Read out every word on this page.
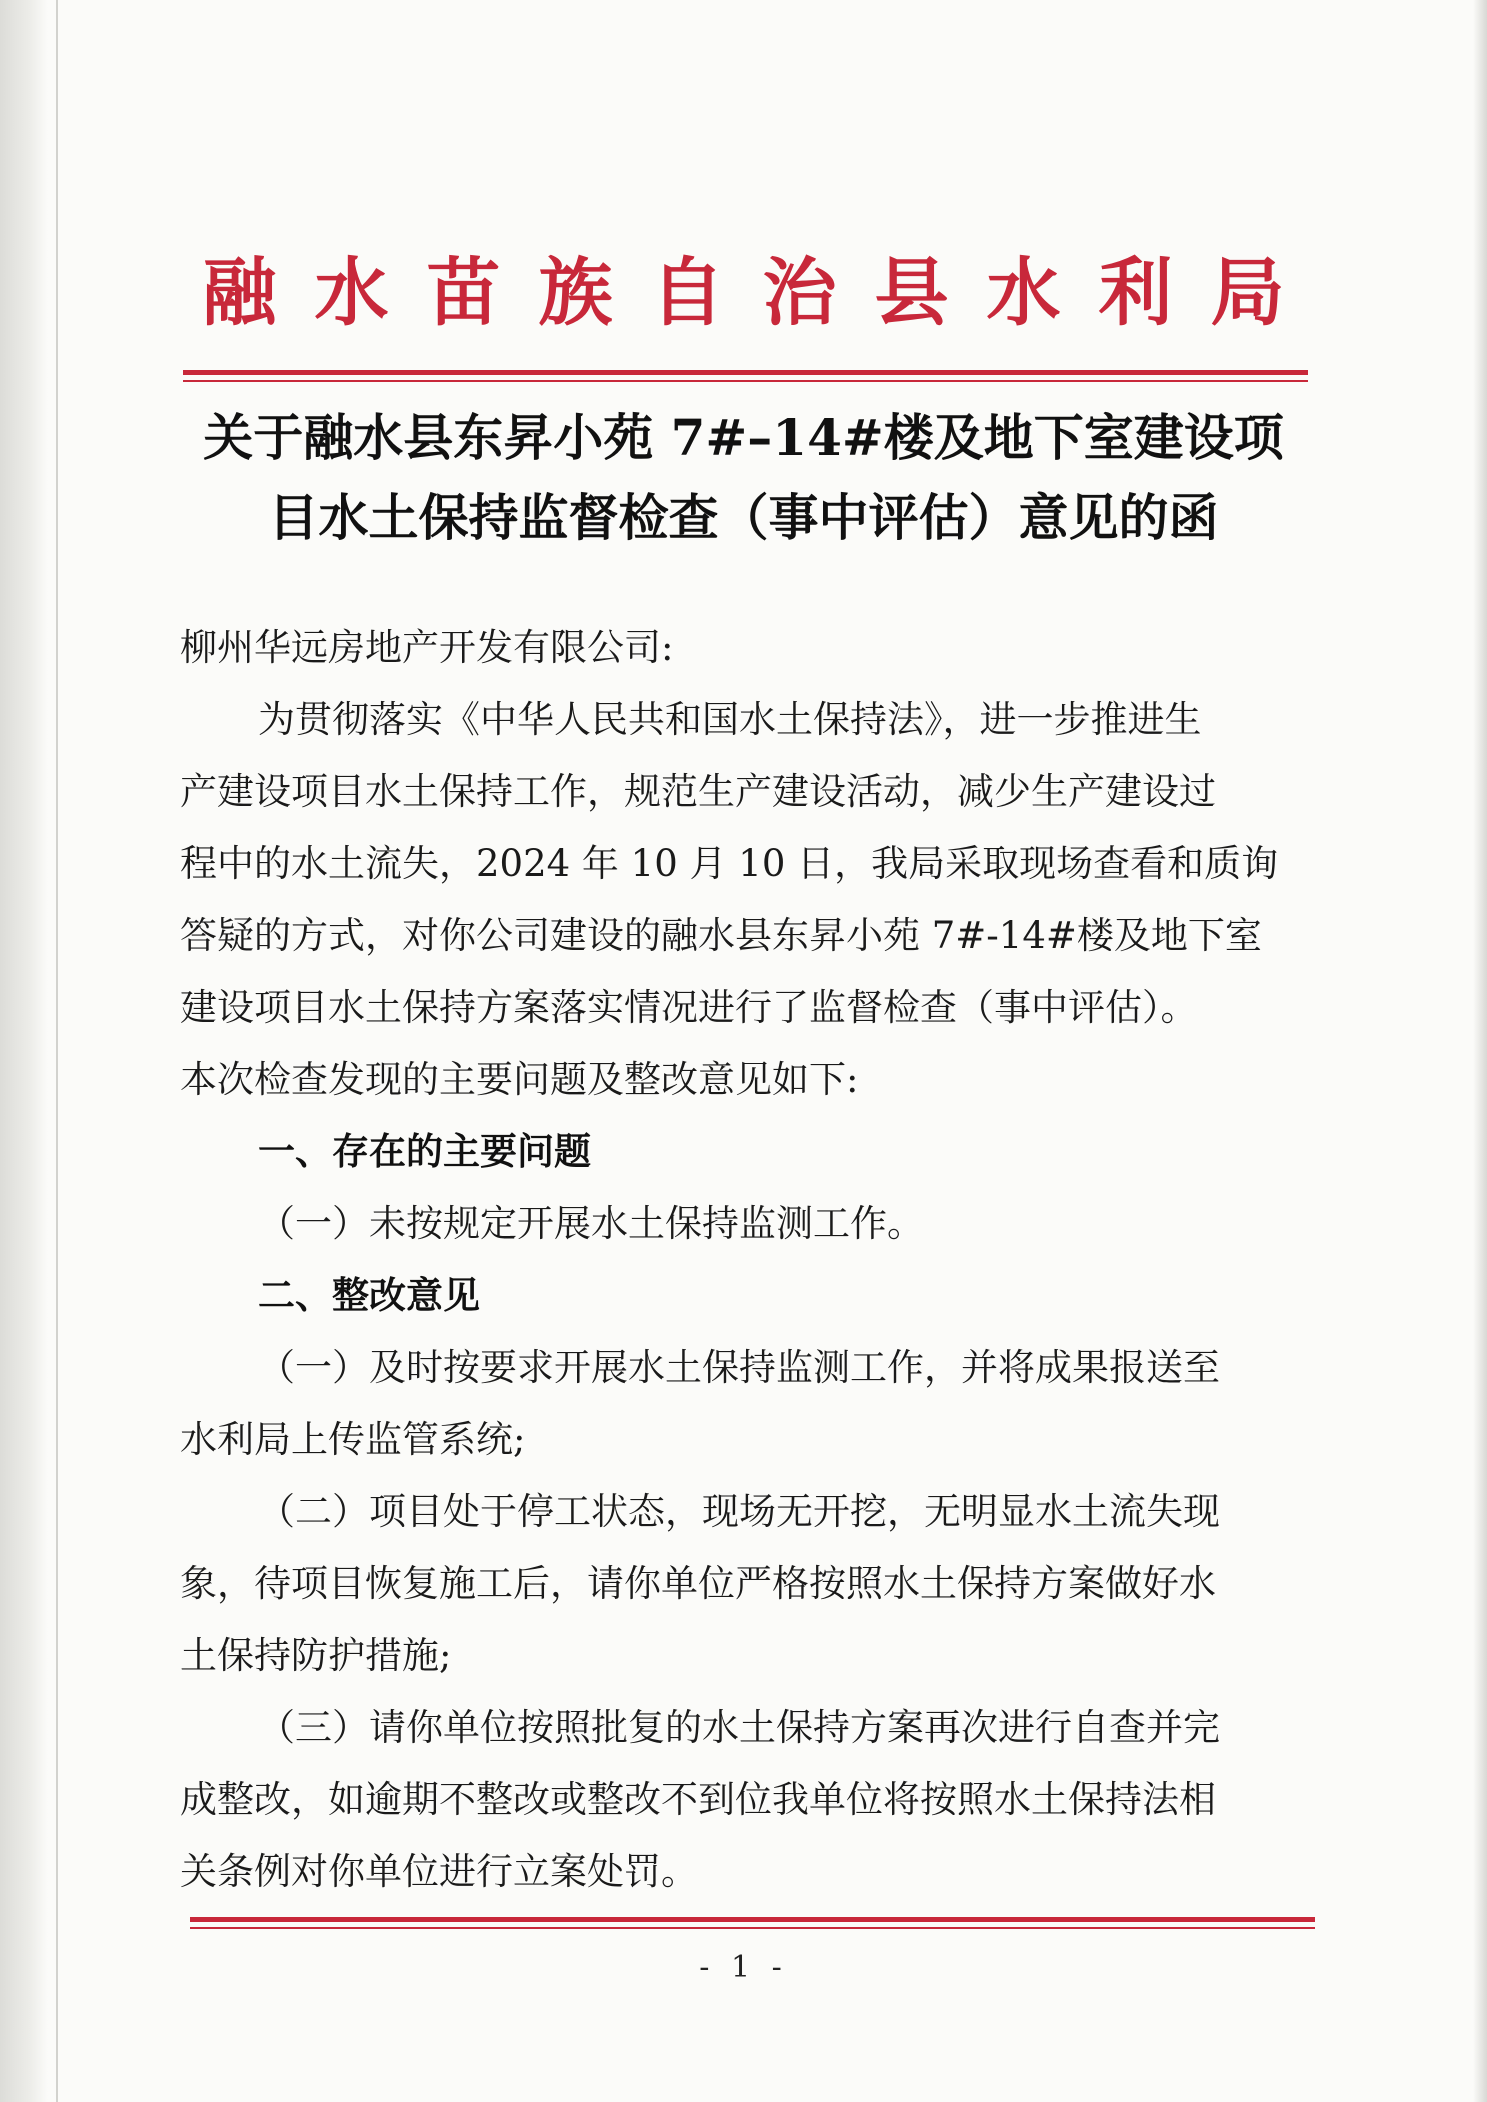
融水苗族自治县水利局
关于融水县东昇小苑 7#–14#楼及地下室建设项
目水土保持监督检查（事中评估）意见的函
柳州华远房地产开发有限公司:
为贯彻落实《中华人民共和国水土保持法》，进一步推进生
产建设项目水土保持工作，规范生产建设活动，减少生产建设过
程中的水土流失，2024 年 10 月 10 日，我局采取现场查看和质询
答疑的方式，对你公司建设的融水县东昇小苑 7#-14#楼及地下室
建设项目水土保持方案落实情况进行了监督检查（事中评估）。
本次检查发现的主要问题及整改意见如下:
一、存在的主要问题
（一）未按规定开展水土保持监测工作。
二、整改意见
（一）及时按要求开展水土保持监测工作，并将成果报送至
水利局上传监管系统;
（二）项目处于停工状态，现场无开挖，无明显水土流失现
象，待项目恢复施工后，请你单位严格按照水土保持方案做好水
土保持防护措施;
（三）请你单位按照批复的水土保持方案再次进行自查并完
成整改，如逾期不整改或整改不到位我单位将按照水土保持法相
关条例对你单位进行立案处罚。
- 1 -
